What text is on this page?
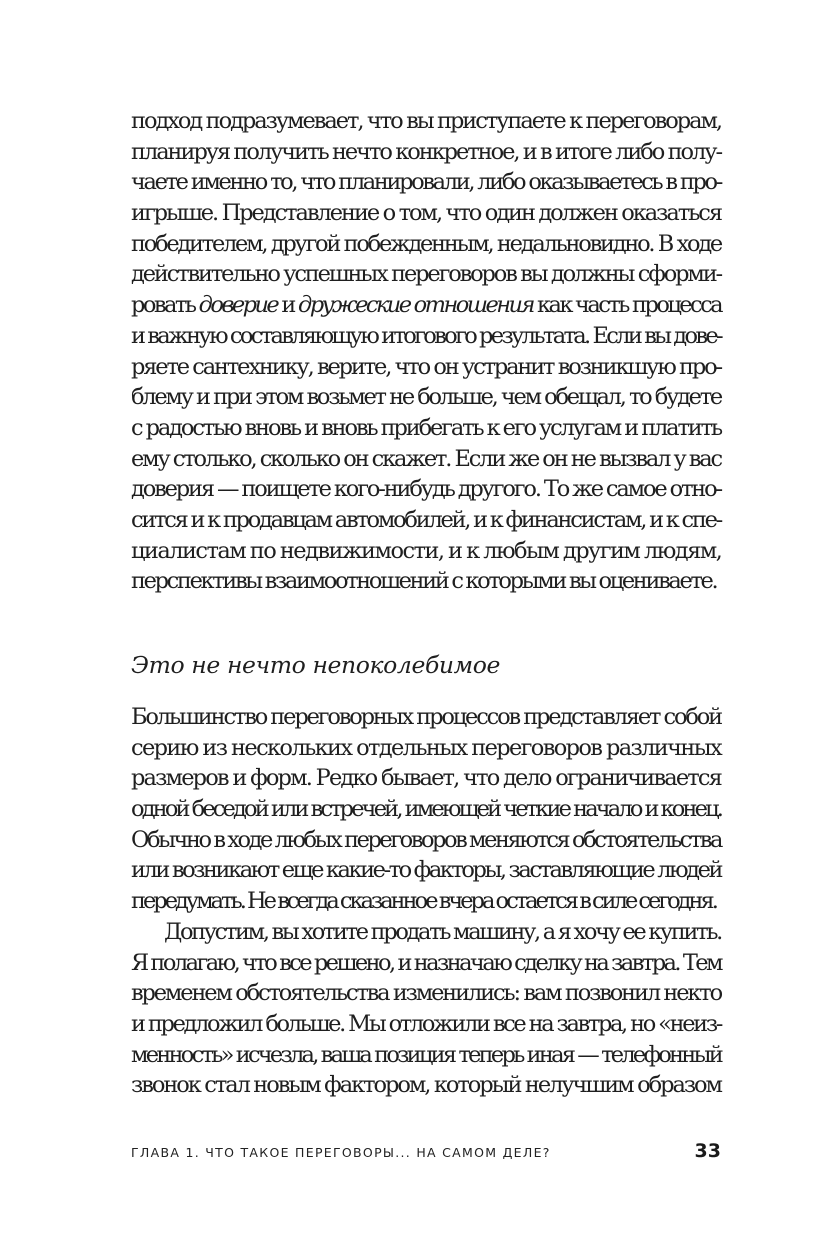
подход подразумевает, что вы приступаете к переговорам,
планируя получить нечто конкретное, и в итоге либо полу-
чаете именно то, что планировали, либо оказываетесь в про-
игрыше. Представление о том, что один должен оказаться
победителем, другой побежденным, недальновидно. В ходе
действительно успешных переговоров вы должны сформи-
ровать доверие и дружеские отношения как часть процесса
и важную составляющую итогового результата. Если вы дове-
ряете сантехнику, верите, что он устранит возникшую про-
блему и при этом возьмет не больше, чем обещал, то будете
с радостью вновь и вновь прибегать к его услугам и платить
ему столько, сколько он скажет. Если же он не вызвал у вас
доверия — поищете кого-нибудь другого. То же самое отно-
сится и к продавцам автомобилей, и к финансистам, и к спе-
циалистам по недвижимости, и к любым другим людям,
перспективы взаимоотношений с которыми вы оцениваете.
Это не нечто непоколебимое
Большинство переговорных процессов представляет собой
серию из нескольких отдельных переговоров различных
размеров и форм. Редко бывает, что дело ограничивается
одной беседой или встречей, имеющей четкие начало и конец.
Обычно в ходе любых переговоров меняются обстоятельства
или возникают еще какие-то факторы, заставляющие людей
передумать. Не всегда сказанное вчера остается в силе сегодня.
Допустим, вы хотите продать машину, а я хочу ее купить.
Я полагаю, что все решено, и назначаю сделку на завтра. Тем
временем обстоятельства изменились: вам позвонил некто
и предложил больше. Мы отложили все на завтра, но «неиз-
менность» исчезла, ваша позиция теперь иная — телефонный
звонок стал новым фактором, который нелучшим образом
ГЛАВА 1. ЧТО ТАКОЕ ПЕРЕГОВОРЫ... НА САМОМ ДЕЛЕ?	33
